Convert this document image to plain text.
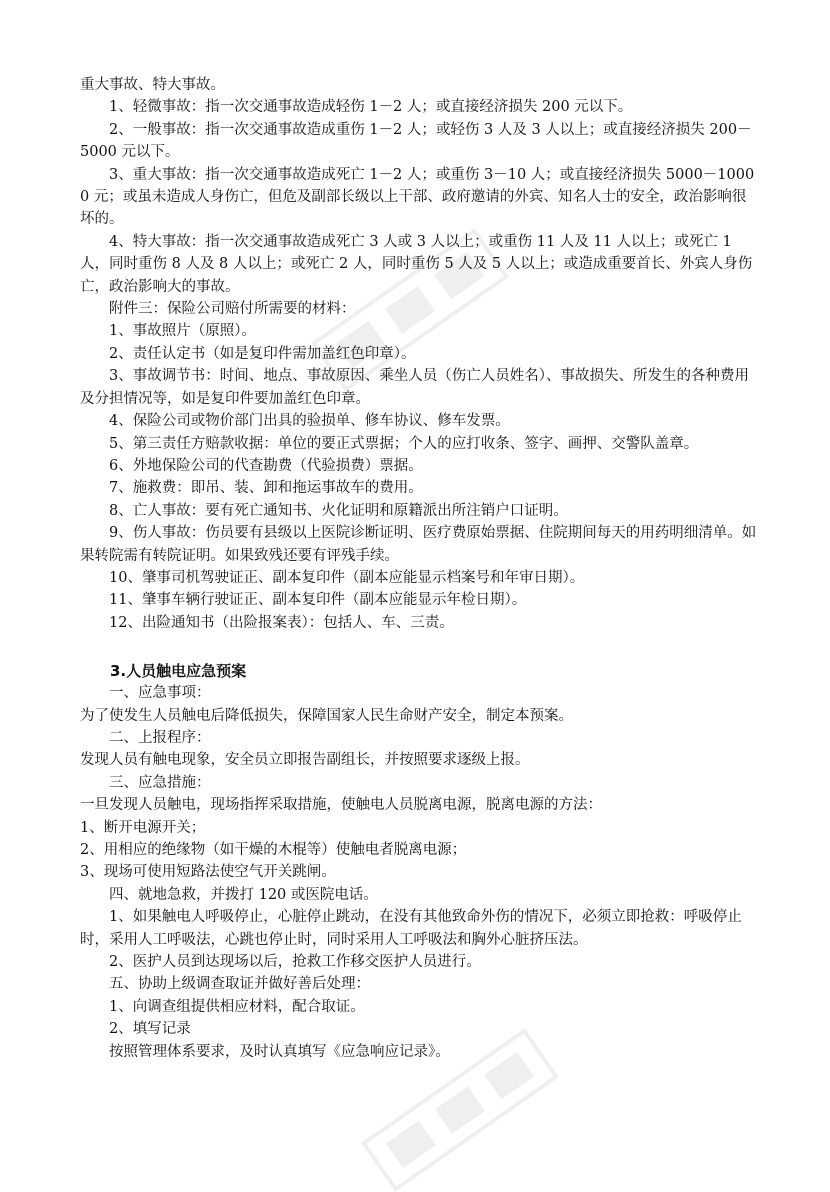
重大事故、特大事故。

1、轻微事故：指一次交通事故造成轻伤 1－2 人；或直接经济损失 200 元以下。

2、一般事故：指一次交通事故造成重伤 1－2 人；或轻伤 3 人及 3 人以上；或直接经济损失 200－5000 元以下。

3、重大事故：指一次交通事故造成死亡 1－2 人；或重伤 3－10 人；或直接经济损失 5000－10000 元；或虽未造成人身伤亡，但危及副部长级以上干部、政府邀请的外宾、知名人士的安全，政治影响很坏的。

4、特大事故：指一次交通事故造成死亡 3 人或 3 人以上；或重伤 11 人及 11 人以上；或死亡 1 人，同时重伤 8 人及 8 人以上；或死亡 2 人，同时重伤 5 人及 5 人以上；或造成重要首长、外宾人身伤亡，政治影响大的事故。

附件三：保险公司赔付所需要的材料：

1、事故照片（原照）。

2、责任认定书（如是复印件需加盖红色印章）。

3、事故调节书：时间、地点、事故原因、乘坐人员（伤亡人员姓名）、事故损失、所发生的各种费用及分担情况等，如是复印件要加盖红色印章。

4、保险公司或物价部门出具的验损单、修车协议、修车发票。

5、第三责任方赔款收据：单位的要正式票据；个人的应打收条、签字、画押、交警队盖章。

6、外地保险公司的代查勘费（代验损费）票据。

7、施救费：即吊、装、卸和拖运事故车的费用。

8、亡人事故：要有死亡通知书、火化证明和原籍派出所注销户口证明。

9、伤人事故：伤员要有县级以上医院诊断证明、医疗费原始票据、住院期间每天的用药明细清单。如果转院需有转院证明。如果致残还要有评残手续。

10、肇事司机驾驶证正、副本复印件（副本应能显示档案号和年审日期）。

11、肇事车辆行驶证正、副本复印件（副本应能显示年检日期）。

12、出险通知书（出险报案表）：包括人、车、三责。

3.人员触电应急预案

一、应急事项：

为了使发生人员触电后降低损失，保障国家人民生命财产安全，制定本预案。

二、上报程序：

发现人员有触电现象，安全员立即报告副组长，并按照要求逐级上报。

三、应急措施：

一旦发现人员触电，现场指挥采取措施，使触电人员脱离电源，脱离电源的方法：

1、断开电源开关；

2、用相应的绝缘物（如干燥的木棍等）使触电者脱离电源；

3、现场可使用短路法使空气开关跳闸。

四、就地急救，并拨打 120 或医院电话。

1、如果触电人呼吸停止，心脏停止跳动，在没有其他致命外伤的情况下，必须立即抢救：呼吸停止时，采用人工呼吸法，心跳也停止时，同时采用人工呼吸法和胸外心脏挤压法。

2、医护人员到达现场以后，抢救工作移交医护人员进行。

五、协助上级调查取证并做好善后处理：

1、向调查组提供相应材料，配合取证。

2、填写记录

按照管理体系要求，及时认真填写《应急响应记录》。
